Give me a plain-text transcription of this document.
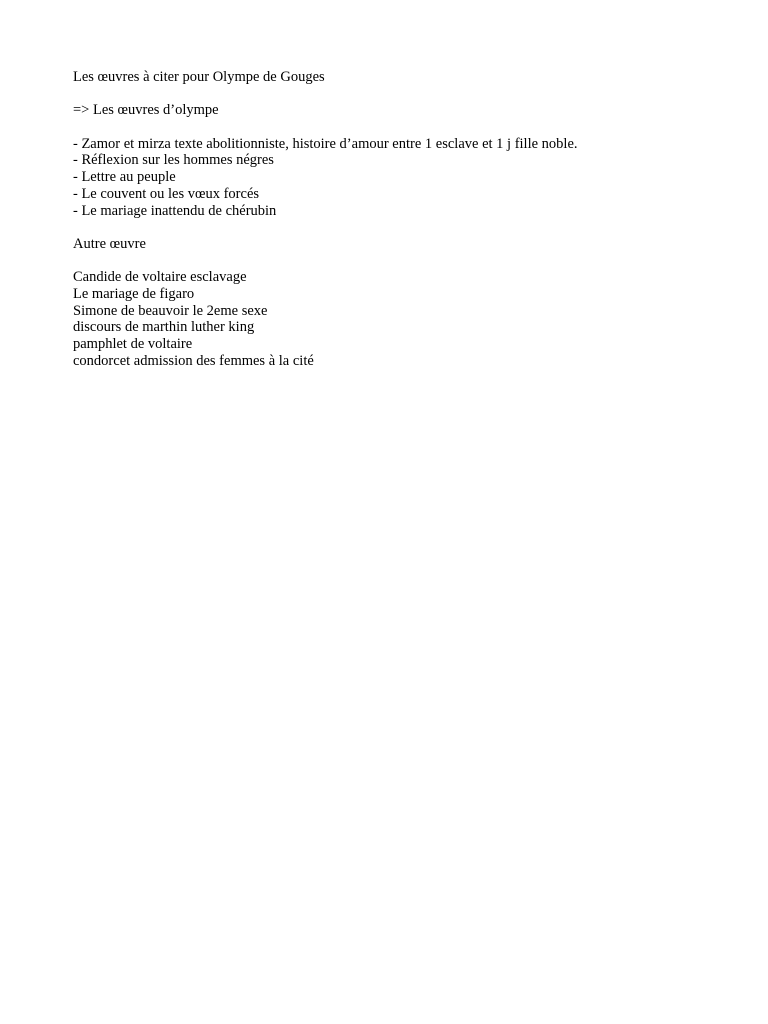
Les œuvres à citer pour Olympe de Gouges
=> Les œuvres d’olympe
- Zamor et mirza texte abolitionniste, histoire d’amour entre 1 esclave et 1 j fille noble.
- Réflexion sur les hommes négres
- Lettre au peuple
- Le couvent ou les vœux forcés
- Le mariage inattendu de chérubin
Autre œuvre
Candide de voltaire esclavage
Le mariage de figaro
Simone de beauvoir le 2eme sexe
discours de marthin luther king
pamphlet de voltaire
condorcet admission des femmes à la cité
